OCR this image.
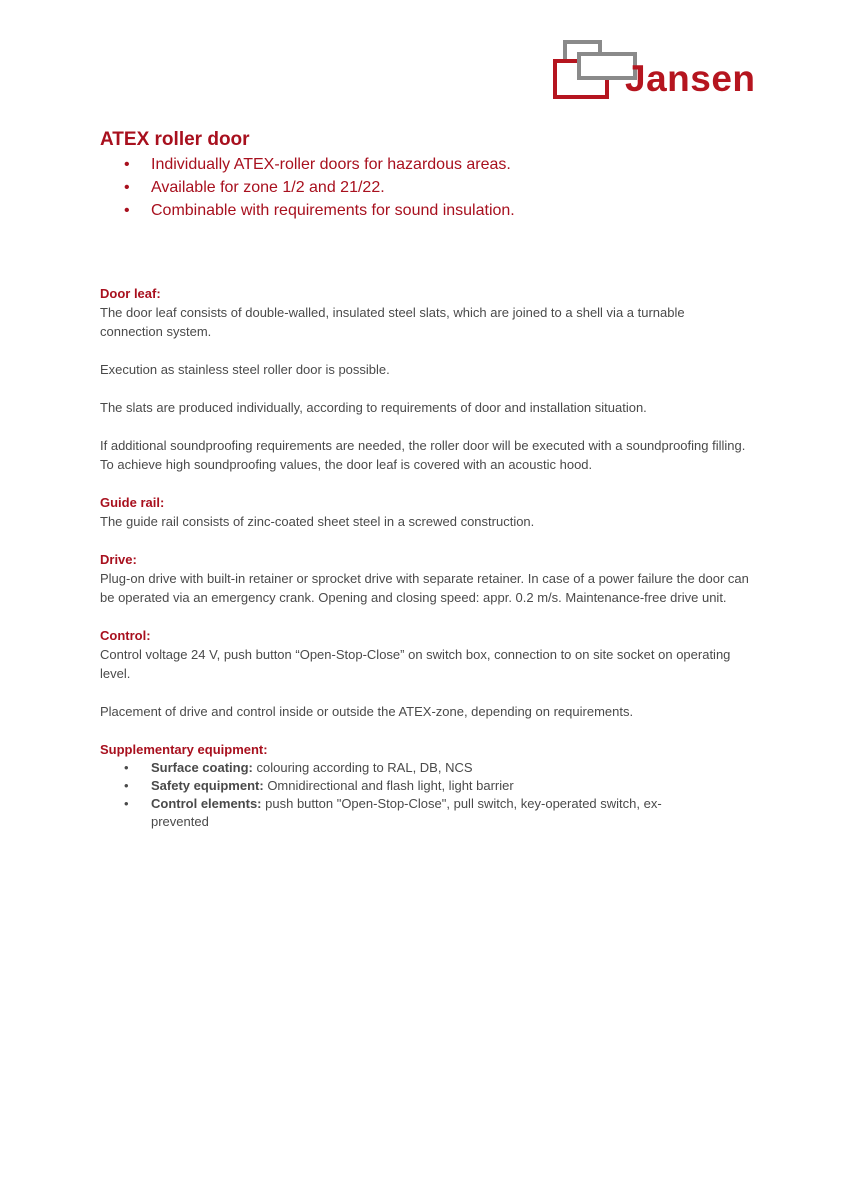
Jansen
ATEX roller door
• Individually ATEX-roller doors for hazardous areas.
• Available for zone 1/2 and 21/22.
• Combinable with requirements for sound insulation.
Door leaf:

The door leaf consists of double-walled, insulated steel slats, which are joined to a shell via a turnable connection system.

Execution as stainless steel roller door is possible.

The slats are produced individually, according to requirements of door and installation situation.

If additional soundproofing requirements are needed, the roller door will be executed with a soundproofing filling. To achieve high soundproofing values, the door leaf is covered with an acoustic hood.

Guide rail:

The guide rail consists of zinc-coated sheet steel in a screwed construction.

Drive:

Plug-on drive with built-in retainer or sprocket drive with separate retainer. In case of a power failure the door can be operated via an emergency crank. Opening and closing speed: appr. 0.2 m/s. Maintenance-free drive unit.

Control:

Control voltage 24 V, push button “Open-Stop-Close” on switch box, connection to on site socket on operating level.

Placement of drive and control inside or outside the ATEX-zone, depending on requirements.

Supplementary equipment:
• Surface coating: colouring according to RAL, DB, NCS
• Safety equipment: Omnidirectional and flash light, light barrier
• Control elements: push button "Open-Stop-Close", pull switch, key-operated switch, ex-prevented
